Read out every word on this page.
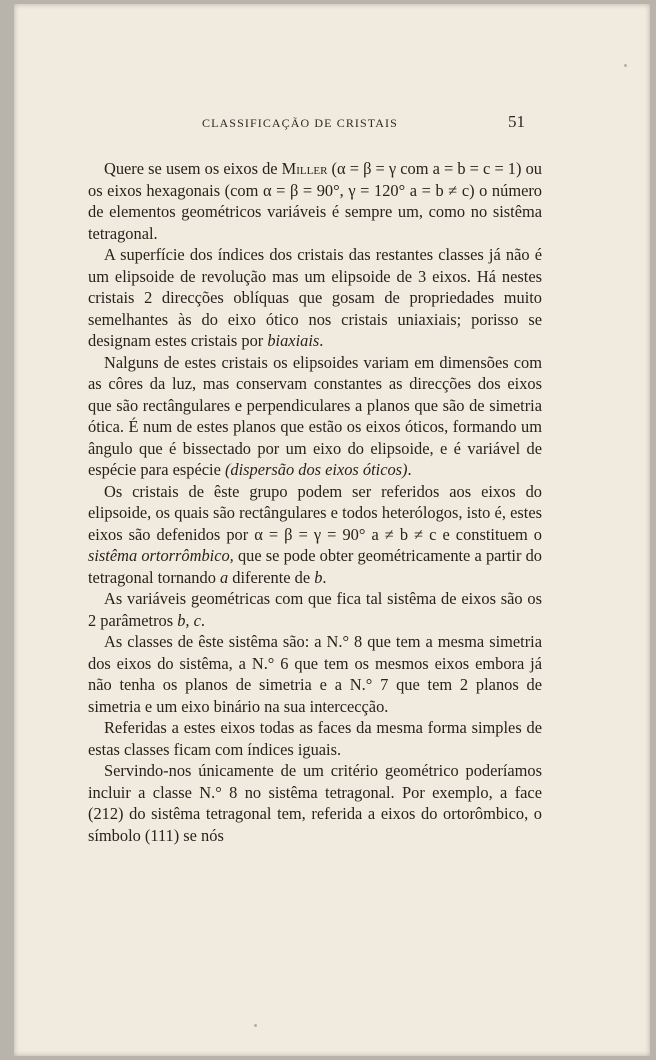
CLASSIFICAÇÃO DE CRISTAIS	51

Quere se usem os eixos de Miller (α = β = γ com a = b = c = 1) ou os eixos hexagonais (com α = β = 90°, γ = 120° a = b ≠ c) o número de elementos geométricos variáveis é sempre um, como no sistêma tetragonal.

A superfície dos índices dos cristais das restantes classes já não é um elipsoide de revolução mas um elipsoide de 3 eixos. Há nestes cristais 2 direcções oblíquas que gosam de propriedades muito semelhantes às do eixo ótico nos cristais uniaxiais; porisso se designam estes cristais por biaxiais.

Nalguns de estes cristais os elipsoides variam em dimensões com as côres da luz, mas conservam constantes as direcções dos eixos que são rectângulares e perpendiculares a planos que são de simetria ótica. É num de estes planos que estão os eixos óticos, formando um ângulo que é bissectado por um eixo do elipsoide, e é variável de espécie para espécie (dispersão dos eixos óticos).

Os cristais de êste grupo podem ser referidos aos eixos do elipsoide, os quais são rectângulares e todos heterólogos, isto é, estes eixos são defenidos por α = β = γ = 90° a ≠ b ≠ c e constituem o sistêma ortorrômbico, que se pode obter geométricamente a partir do tetragonal tornando a diferente de b.

As variáveis geométricas com que fica tal sistêma de eixos são os 2 parâmetros b, c.

As classes de êste sistêma são: a N.° 8 que tem a mesma simetria dos eixos do sistêma, a N.° 6 que tem os mesmos eixos embora já não tenha os planos de simetria e a N.° 7 que tem 2 planos de simetria e um eixo binário na sua intercecção.

Referidas a estes eixos todas as faces da mesma forma simples de estas classes ficam com índices iguais.

Servindo-nos únicamente de um critério geométrico poderíamos incluir a classe N.° 8 no sistêma tetragonal. Por exemplo, a face (212) do sistêma tetragonal tem, referida a eixos do ortorômbico, o símbolo (111) se nós
